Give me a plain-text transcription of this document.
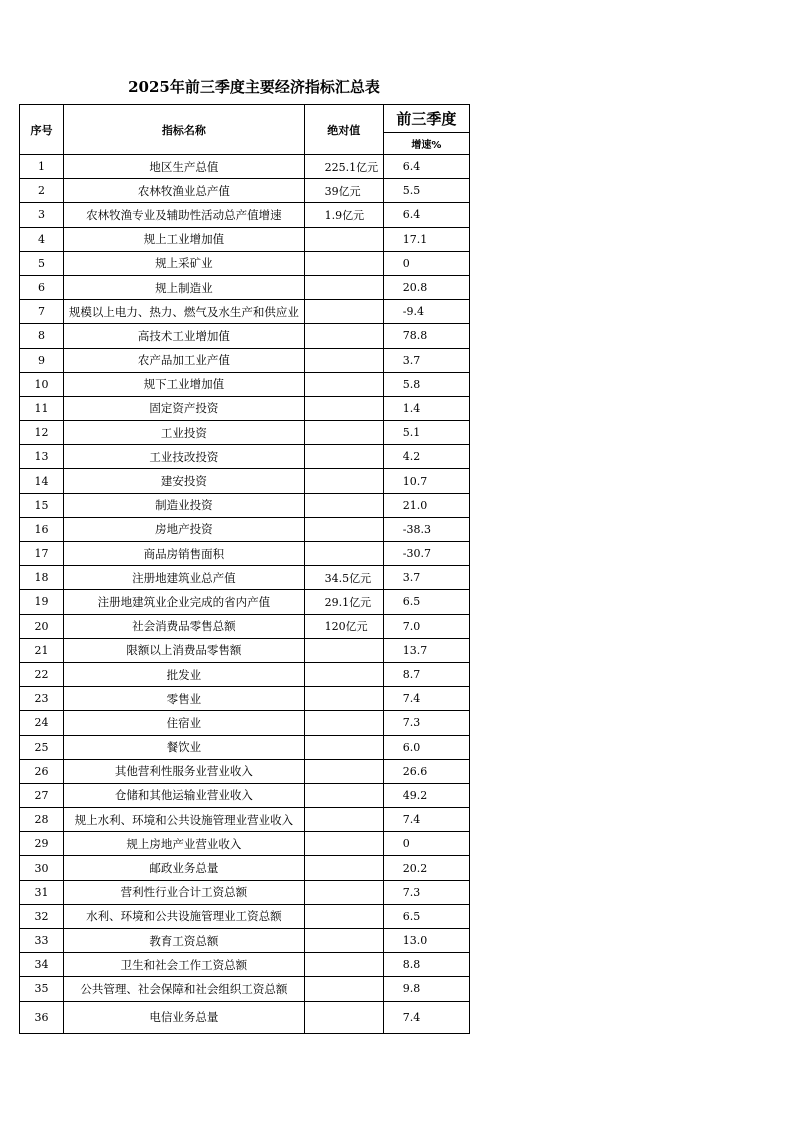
2025年前三季度主要经济指标汇总表
序号	指标名称	绝对值	前三季度
			增速%
1	地区生产总值	225.1亿元	6.4
2	农林牧渔业总产值	39亿元	5.5
3	农林牧渔专业及辅助性活动总产值增速	1.9亿元	6.4
4	规上工业增加值		17.1
5	规上采矿业		0
6	规上制造业		20.8
7	规模以上电力、热力、燃气及水生产和供应业		-9.4
8	高技术工业增加值		78.8
9	农产品加工业产值		3.7
10	规下工业增加值		5.8
11	固定资产投资		1.4
12	工业投资		5.1
13	工业技改投资		4.2
14	建安投资		10.7
15	制造业投资		21.0
16	房地产投资		-38.3
17	商品房销售面积		-30.7
18	注册地建筑业总产值	34.5亿元	3.7
19	注册地建筑业企业完成的省内产值	29.1亿元	6.5
20	社会消费品零售总额	120亿元	7.0
21	限额以上消费品零售额		13.7
22	批发业		8.7
23	零售业		7.4
24	住宿业		7.3
25	餐饮业		6.0
26	其他营利性服务业营业收入		26.6
27	仓储和其他运输业营业收入		49.2
28	规上水利、环境和公共设施管理业营业收入		7.4
29	规上房地产业营业收入		0
30	邮政业务总量		20.2
31	营利性行业合计工资总额		7.3
32	水利、环境和公共设施管理业工资总额		6.5
33	教育工资总额		13.0
34	卫生和社会工作工资总额		8.8
35	公共管理、社会保障和社会组织工资总额		9.8
36	电信业务总量		7.4
